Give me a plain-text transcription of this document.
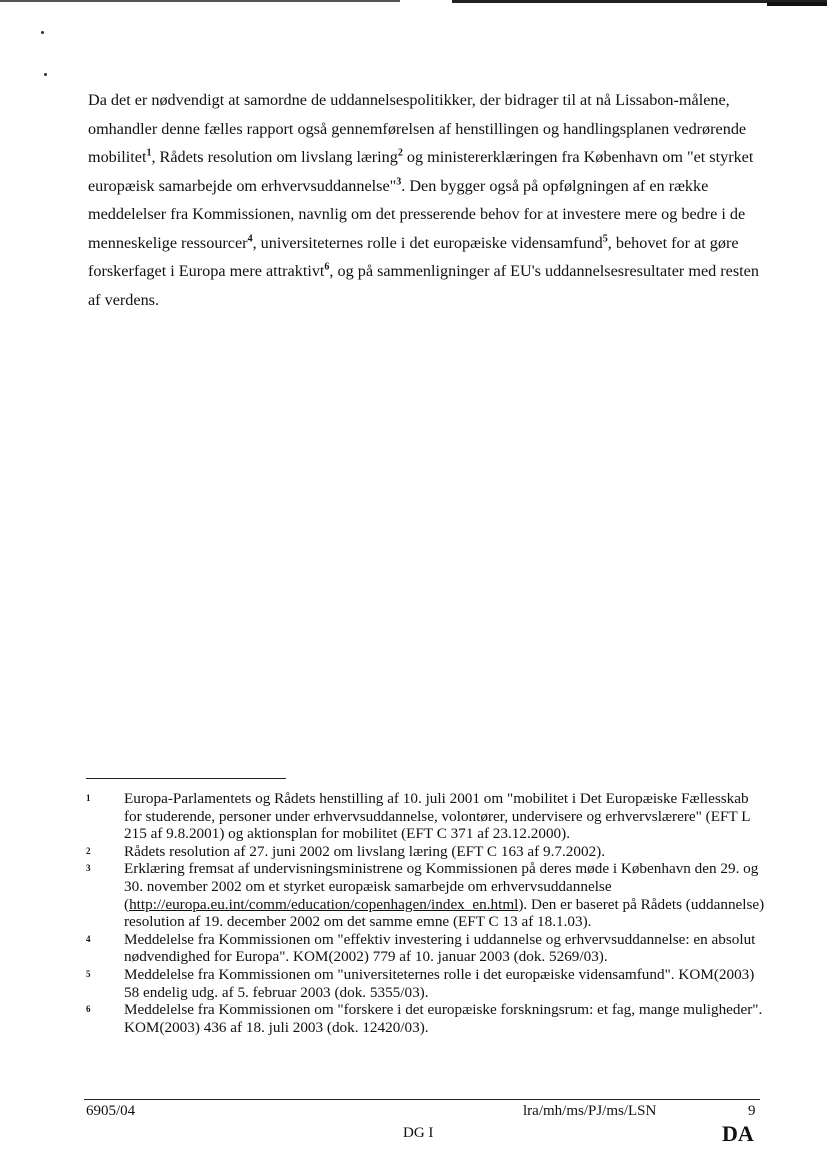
Da det er nødvendigt at samordne de uddannelsespolitikker, der bidrager til at nå Lissabon-målene, omhandler denne fælles rapport også gennemførelsen af henstillingen og handlingsplanen vedrørende mobilitet$^1$, Rådets resolution om livslang læring$^2$ og ministererklæringen fra København om "et styrket europæisk samarbejde om erhvervsuddannelse"$^3$. Den bygger også på opfølgningen af en række meddelelser fra Kommissionen, navnlig om det presserende behov for at investere mere og bedre i de menneskelige ressourcer$^4$, universiteternes rolle i det europæiske vidensamfund$^5$, behovet for at gøre forskerfaget i Europa mere attraktivt$^6$, og på sammenligninger af EU's uddannelsesresultater med resten af verdens.

1 Europa-Parlamentets og Rådets henstilling af 10. juli 2001 om "mobilitet i Det Europæiske Fællesskab for studerende, personer under erhvervsuddannelse, volontører, undervisere og erhvervslærere" (EFT L 215 af 9.8.2001) og aktionsplan for mobilitet (EFT C 371 af 23.12.2000).
2 Rådets resolution af 27. juni 2002 om livslang læring (EFT C 163 af 9.7.2002).
3 Erklæring fremsat af undervisningsministrene og Kommissionen på deres møde i København den 29. og 30. november 2002 om et styrket europæisk samarbejde om erhvervsuddannelse (http://europa.eu.int/comm/education/copenhagen/index_en.html). Den er baseret på Rådets (uddannelse) resolution af 19. december 2002 om det samme emne (EFT C 13 af 18.1.03).
4 Meddelelse fra Kommissionen om "effektiv investering i uddannelse og erhvervsuddannelse: en absolut nødvendighed for Europa". KOM(2002) 779 af 10. januar 2003 (dok. 5269/03).
5 Meddelelse fra Kommissionen om "universiteternes rolle i det europæiske vidensamfund". KOM(2003) 58 endelig udg. af 5. februar 2003 (dok. 5355/03).
6 Meddelelse fra Kommissionen om "forskere i det europæiske forskningsrum: et fag, mange muligheder". KOM(2003) 436 af 18. juli 2003 (dok. 12420/03).
6905/04	lra/mh/ms/PJ/ms/LSN	9
DG I	DA
